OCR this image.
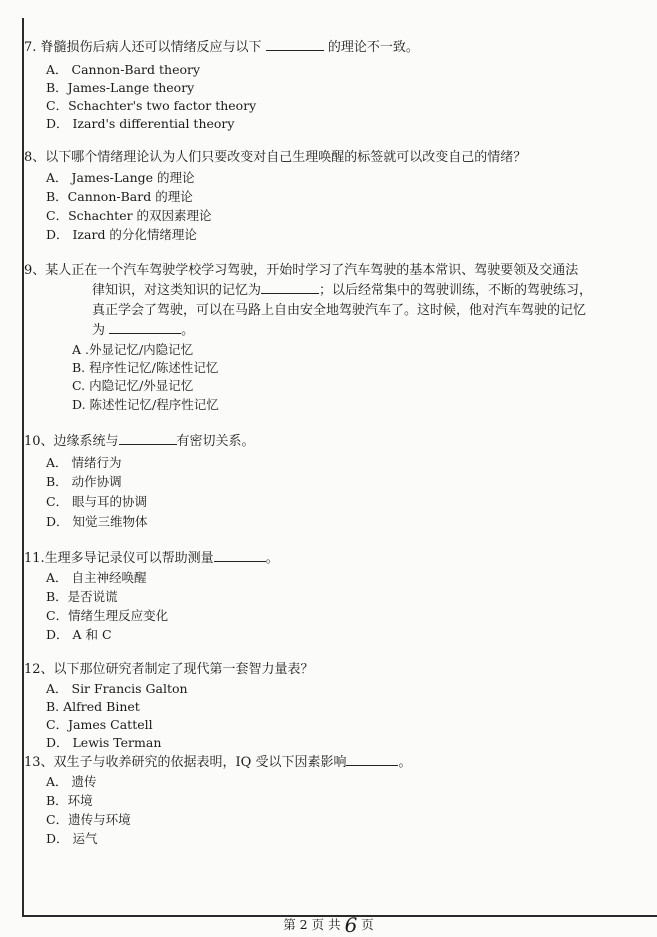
7. 脊髓损伤后病人还可以情绪反应与以下	的理论不一致。
A． Cannon-Bard theory
B．James-Lange theory
C．Schachter's two factor theory
D． Izard's differential theory
8、以下哪个情绪理论认为人们只要改变对自己生理唤醒的标签就可以改变自己的情绪？
A． James-Lange 的理论
B．Cannon-Bard 的理论
C．Schachter 的双因素理论
D． Izard 的分化情绪理论
9、某人正在一个汽车驾驶学校学习驾驶，开始时学习了汽车驾驶的基本常识、驾驶要领及交通法
律知识，对这类知识的记忆为	；以后经常集中的驾驶训练，不断的驾驶练习，
真正学会了驾驶，可以在马路上自由安全地驾驶汽车了。这时候，他对汽车驾驶的记忆
为	。
A .外显记忆/内隐记忆
B. 程序性记忆/陈述性记忆
C. 内隐记忆/外显记忆
D. 陈述性记忆/程序性记忆
10、边缘系统与	有密切关系。
A． 情绪行为
B． 动作协调
C． 眼与耳的协调
D． 知觉三维物体
11.生理多导记录仪可以帮助测量	。
A． 自主神经唤醒
B．是否说谎
C．情绪生理反应变化
D． A 和 C
12、以下那位研究者制定了现代第一套智力量表？
A． Sir Francis Galton
B. Alfred Binet
C．James Cattell
D． Lewis Terman
13、双生子与收养研究的依据表明，IQ 受以下因素影响	。
A． 遗传
B．环境
C．遗传与环境
D． 运气
第 2 页 共 6 页
